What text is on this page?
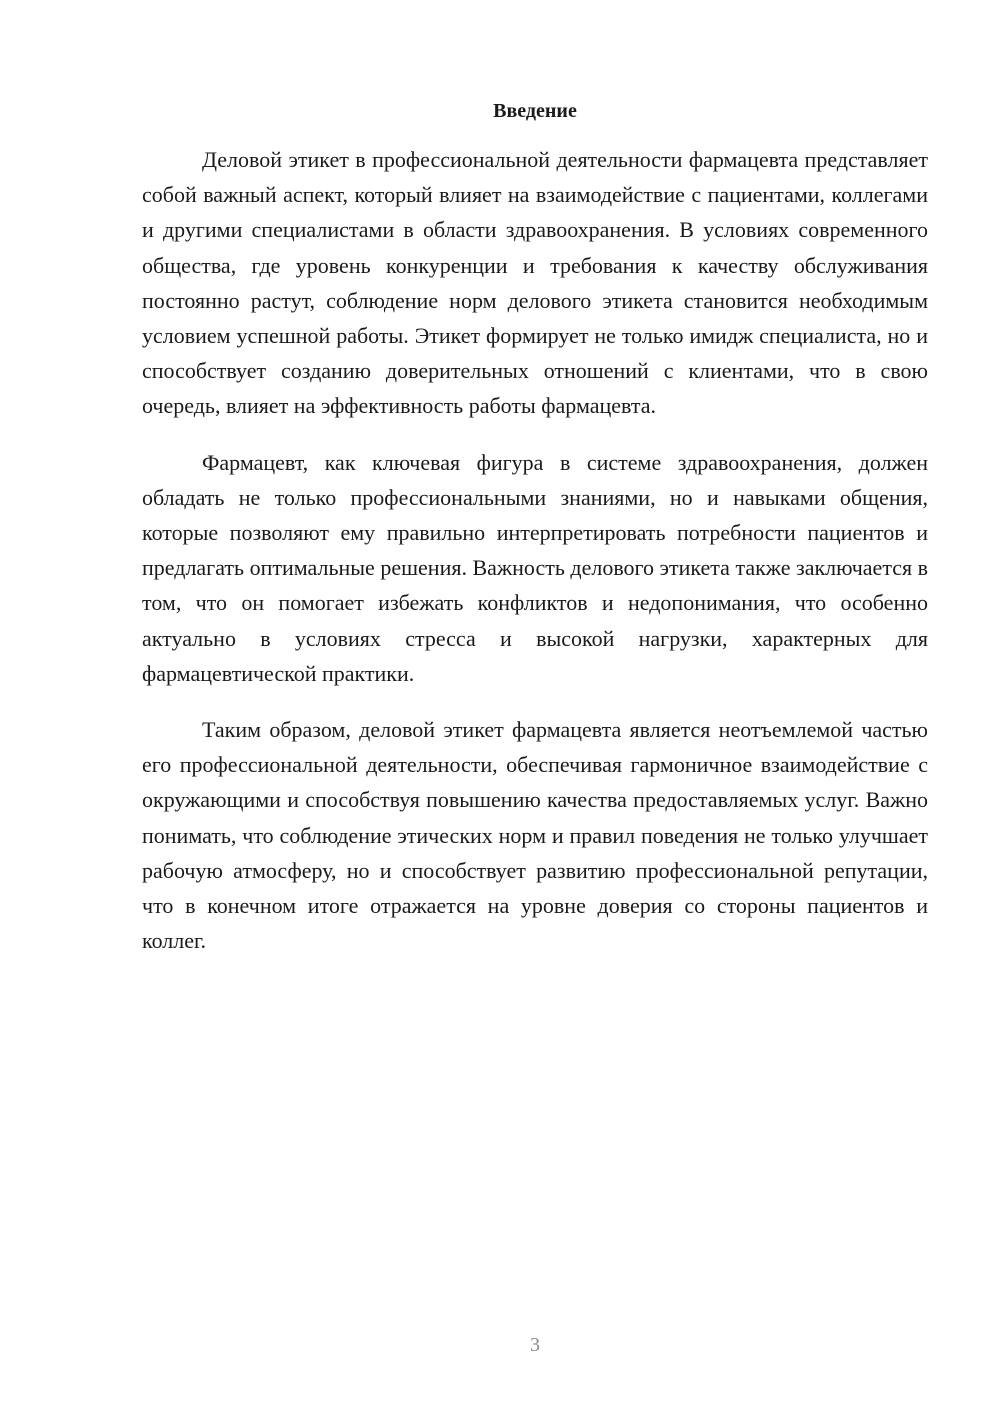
Введение

Деловой этикет в профессиональной деятельности фармацевта представляет собой важный аспект, который влияет на взаимодействие с пациентами, коллегами и другими специалистами в области здравоохранения. В условиях современного общества, где уровень конкуренции и требования к качеству обслуживания постоянно растут, соблюдение норм делового этикета становится необходимым условием успешной работы. Этикет формирует не только имидж специалиста, но и способствует созданию доверительных отношений с клиентами, что в свою очередь, влияет на эффективность работы фармацевта.

Фармацевт, как ключевая фигура в системе здравоохранения, должен обладать не только профессиональными знаниями, но и навыками общения, которые позволяют ему правильно интерпретировать потребности пациентов и предлагать оптимальные решения. Важность делового этикета также заключается в том, что он помогает избежать конфликтов и недопонимания, что особенно актуально в условиях стресса и высокой нагрузки, характерных для фармацевтической практики.

Таким образом, деловой этикет фармацевта является неотъемлемой частью его профессиональной деятельности, обеспечивая гармоничное взаимодействие с окружающими и способствуя повышению качества предоставляемых услуг. Важно понимать, что соблюдение этических норм и правил поведения не только улучшает рабочую атмосферу, но и способствует развитию профессиональной репутации, что в конечном итоге отражается на уровне доверия со стороны пациентов и коллег.

3
